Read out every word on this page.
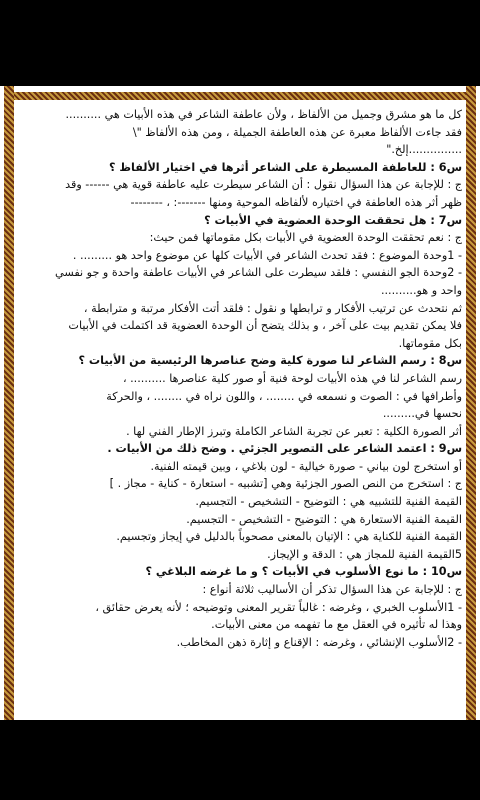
كل ما هو مشرق وجميل من الألفاظ ، ولأن عاطفة الشاعر في هذه الأبيات هي ..........
فقد جاءت الألفاظ معبرة عن هذه العاطفة الجميلة ، ومن هذه الألفاظ "\
...............إلخ."
س6 : للعاطفة المسيطرة على الشاعر أثرها في اختيار الألفاظ ؟
ج : للإجابة عن هذا السؤال نقول : أن الشاعر سيطرت عليه عاطفة قوية هي ------ وقد
ظهر أثر هذه العاطفة في اختياره لألفاظه الموحية ومنها -------: ، --------
س7 : هل تحققت الوحدة العضوية في الأبيات ؟
ج : نعم تحققت الوحدة العضوية في الأبيات بكل مقوماتها فمن حيث:
- 1وحدة الموضوع : فقد تحدث الشاعر في الأبيات كلها عن موضوع واحد هو ......... .
- 2وحدة الجو النفسي : فلقد سيطرت على الشاعر في الأبيات عاطفة واحدة و جو نفسي
واحد و هو..........
ثم نتحدث عن ترتيب الأفكار و ترابطها و نقول : فلقد أتت الأفكار مرتبة و مترابطة ،
فلا يمكن تقديم بيت على آخر ، و بذلك يتضح أن الوحدة العضوية قد اكتملت في الأبيات
بكل مقوماتها.
س8 : رسم الشاعر لنا صورة كلية وضح عناصرها الرئيسية من الأبيات ؟
رسم الشاعر لنا في هذه الأبيات لوحة فنية أو صور كلية عناصرها .......... ،
وأطرافها في : الصوت و نسمعه في ........ ، واللون نراه في ........ ، والحركة
نحسها في.........
أثر الصورة الكلية : تعبر عن تجربة الشاعر الكاملة وتبرز الإطار الفني لها .
س9 : اعتمد الشاعر على التصوير الجزئي . وضح ذلك من الأبيات .
أو استخرج لون بياني - صورة خيالية - لون بلاغي ، وبين قيمته الفنية.
ج : استخرج من النص الصور الجزئية وهي [تشبيه - استعارة - كناية - مجاز . ]
القيمة الفنية للتشبيه هي : التوضيح - التشخيص - التجسيم.
القيمة الفنية الاستعارة هي : التوضيح - التشخيص - التجسيم.
القيمة الفنية للكناية هي : الإتيان بالمعنى مصحوباً بالدليل في إيجاز وتجسيم.
5القيمة الفنية للمجاز هي : الدقة و الإيجاز.
س10 : ما نوع الأسلوب في الأبيات ؟ و ما غرضه البلاغي ؟
ج : للإجابة عن هذا السؤال تذكر أن الأساليب ثلاثة أنواع :
- 1الأسلوب الخبري ، وغرضه : غالباً تقرير المعنى وتوضيحه ؛ لأنه يعرض حقائق ،
وهذا له تأثيره في العقل مع ما تفهمه من معنى الأبيات.
- 2الأسلوب الإنشائي ، وغرضه : الإقناع و إثارة ذهن المخاطب.
